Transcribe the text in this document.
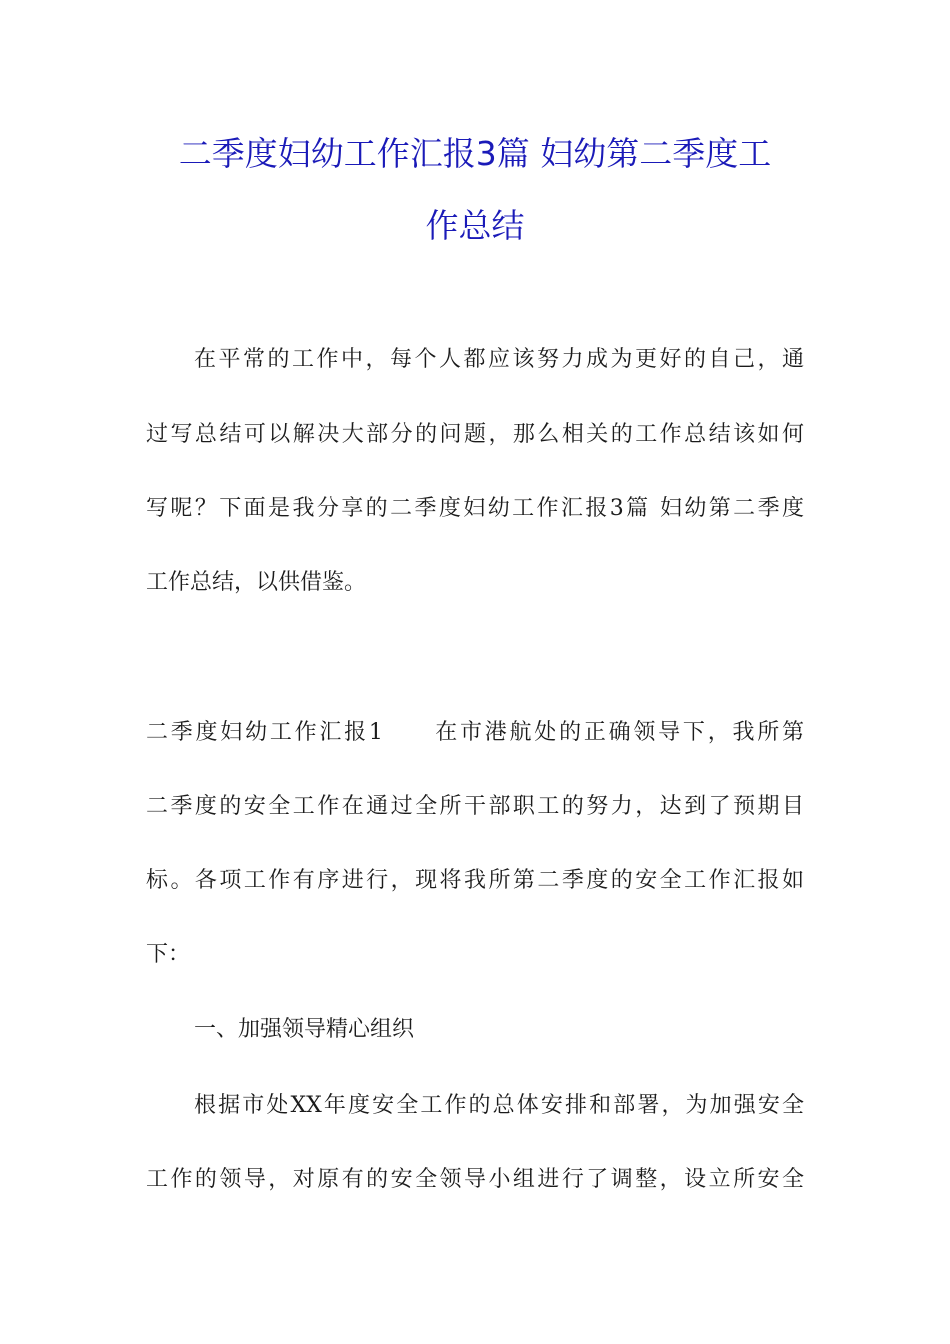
二季度妇幼工作汇报3篇 妇幼第二季度工
作总结
在平常的工作中，每个人都应该努力成为更好的自己，通
过写总结可以解决大部分的问题，那么相关的工作总结该如何
写呢？下面是我分享的二季度妇幼工作汇报3篇 妇幼第二季度
工作总结，以供借鉴。
二季度妇幼工作汇报1　　在市港航处的正确领导下，我所第
二季度的安全工作在通过全所干部职工的努力，达到了预期目
标。各项工作有序进行，现将我所第二季度的安全工作汇报如
下：
一、加强领导精心组织
根据市处XX年度安全工作的总体安排和部署，为加强安全
工作的领导，对原有的安全领导小组进行了调整，设立所安全
